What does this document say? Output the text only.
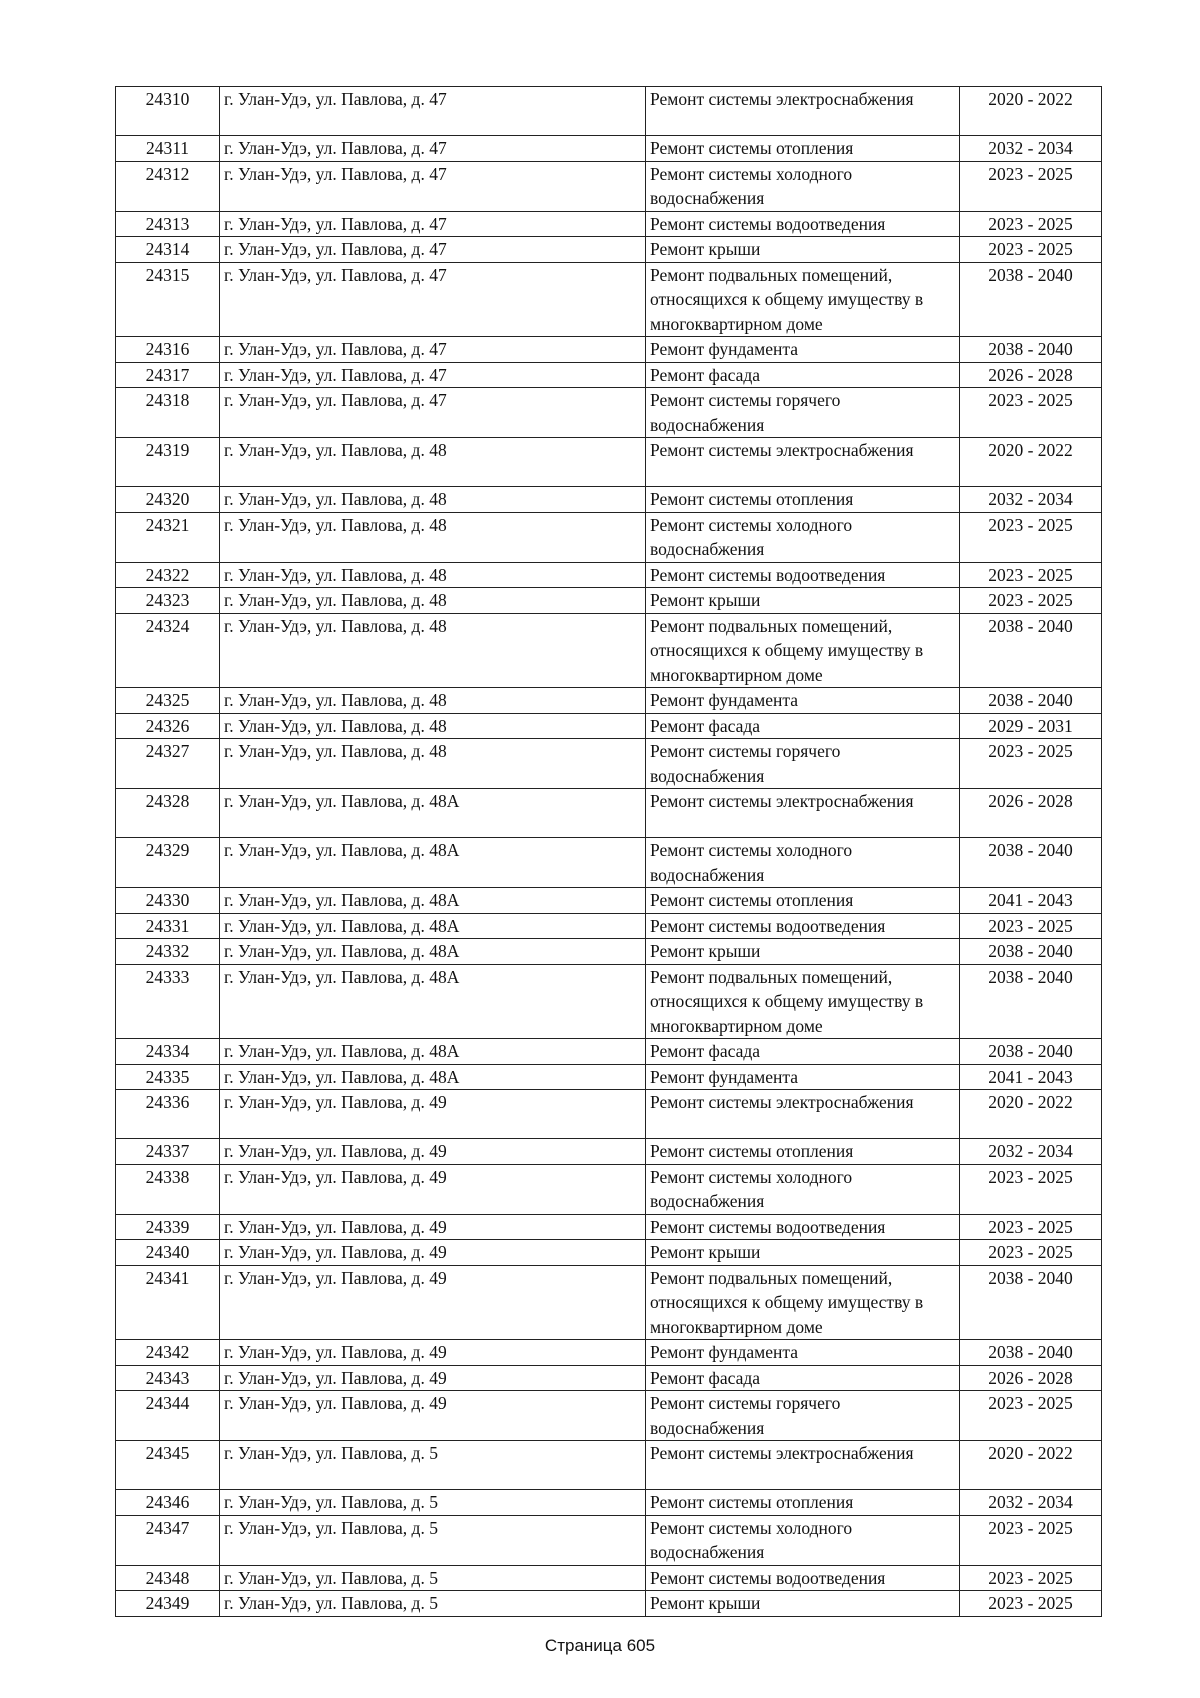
24310	г. Улан-Удэ, ул. Павлова, д. 47	Ремонт системы электроснабжения	2020 - 2022
24311	г. Улан-Удэ, ул. Павлова, д. 47	Ремонт системы отопления	2032 - 2034
24312	г. Улан-Удэ, ул. Павлова, д. 47	Ремонт системы холодного водоснабжения	2023 - 2025
24313	г. Улан-Удэ, ул. Павлова, д. 47	Ремонт системы водоотведения	2023 - 2025
24314	г. Улан-Удэ, ул. Павлова, д. 47	Ремонт крыши	2023 - 2025
24315	г. Улан-Удэ, ул. Павлова, д. 47	Ремонт подвальных помещений, относящихся к общему имуществу в многоквартирном доме	2038 - 2040
24316	г. Улан-Удэ, ул. Павлова, д. 47	Ремонт фундамента	2038 - 2040
24317	г. Улан-Удэ, ул. Павлова, д. 47	Ремонт фасада	2026 - 2028
24318	г. Улан-Удэ, ул. Павлова, д. 47	Ремонт системы горячего водоснабжения	2023 - 2025
24319	г. Улан-Удэ, ул. Павлова, д. 48	Ремонт системы электроснабжения	2020 - 2022
24320	г. Улан-Удэ, ул. Павлова, д. 48	Ремонт системы отопления	2032 - 2034
24321	г. Улан-Удэ, ул. Павлова, д. 48	Ремонт системы холодного водоснабжения	2023 - 2025
24322	г. Улан-Удэ, ул. Павлова, д. 48	Ремонт системы водоотведения	2023 - 2025
24323	г. Улан-Удэ, ул. Павлова, д. 48	Ремонт крыши	2023 - 2025
24324	г. Улан-Удэ, ул. Павлова, д. 48	Ремонт подвальных помещений, относящихся к общему имуществу в многоквартирном доме	2038 - 2040
24325	г. Улан-Удэ, ул. Павлова, д. 48	Ремонт фундамента	2038 - 2040
24326	г. Улан-Удэ, ул. Павлова, д. 48	Ремонт фасада	2029 - 2031
24327	г. Улан-Удэ, ул. Павлова, д. 48	Ремонт системы горячего водоснабжения	2023 - 2025
24328	г. Улан-Удэ, ул. Павлова, д. 48А	Ремонт системы электроснабжения	2026 - 2028
24329	г. Улан-Удэ, ул. Павлова, д. 48А	Ремонт системы холодного водоснабжения	2038 - 2040
24330	г. Улан-Удэ, ул. Павлова, д. 48А	Ремонт системы отопления	2041 - 2043
24331	г. Улан-Удэ, ул. Павлова, д. 48А	Ремонт системы водоотведения	2023 - 2025
24332	г. Улан-Удэ, ул. Павлова, д. 48А	Ремонт крыши	2038 - 2040
24333	г. Улан-Удэ, ул. Павлова, д. 48А	Ремонт подвальных помещений, относящихся к общему имуществу в многоквартирном доме	2038 - 2040
24334	г. Улан-Удэ, ул. Павлова, д. 48А	Ремонт фасада	2038 - 2040
24335	г. Улан-Удэ, ул. Павлова, д. 48А	Ремонт фундамента	2041 - 2043
24336	г. Улан-Удэ, ул. Павлова, д. 49	Ремонт системы электроснабжения	2020 - 2022
24337	г. Улан-Удэ, ул. Павлова, д. 49	Ремонт системы отопления	2032 - 2034
24338	г. Улан-Удэ, ул. Павлова, д. 49	Ремонт системы холодного водоснабжения	2023 - 2025
24339	г. Улан-Удэ, ул. Павлова, д. 49	Ремонт системы водоотведения	2023 - 2025
24340	г. Улан-Удэ, ул. Павлова, д. 49	Ремонт крыши	2023 - 2025
24341	г. Улан-Удэ, ул. Павлова, д. 49	Ремонт подвальных помещений, относящихся к общему имуществу в многоквартирном доме	2038 - 2040
24342	г. Улан-Удэ, ул. Павлова, д. 49	Ремонт фундамента	2038 - 2040
24343	г. Улан-Удэ, ул. Павлова, д. 49	Ремонт фасада	2026 - 2028
24344	г. Улан-Удэ, ул. Павлова, д. 49	Ремонт системы горячего водоснабжения	2023 - 2025
24345	г. Улан-Удэ, ул. Павлова, д. 5	Ремонт системы электроснабжения	2020 - 2022
24346	г. Улан-Удэ, ул. Павлова, д. 5	Ремонт системы отопления	2032 - 2034
24347	г. Улан-Удэ, ул. Павлова, д. 5	Ремонт системы холодного водоснабжения	2023 - 2025
24348	г. Улан-Удэ, ул. Павлова, д. 5	Ремонт системы водоотведения	2023 - 2025
24349	г. Улан-Удэ, ул. Павлова, д. 5	Ремонт крыши	2023 - 2025
Страница 605
